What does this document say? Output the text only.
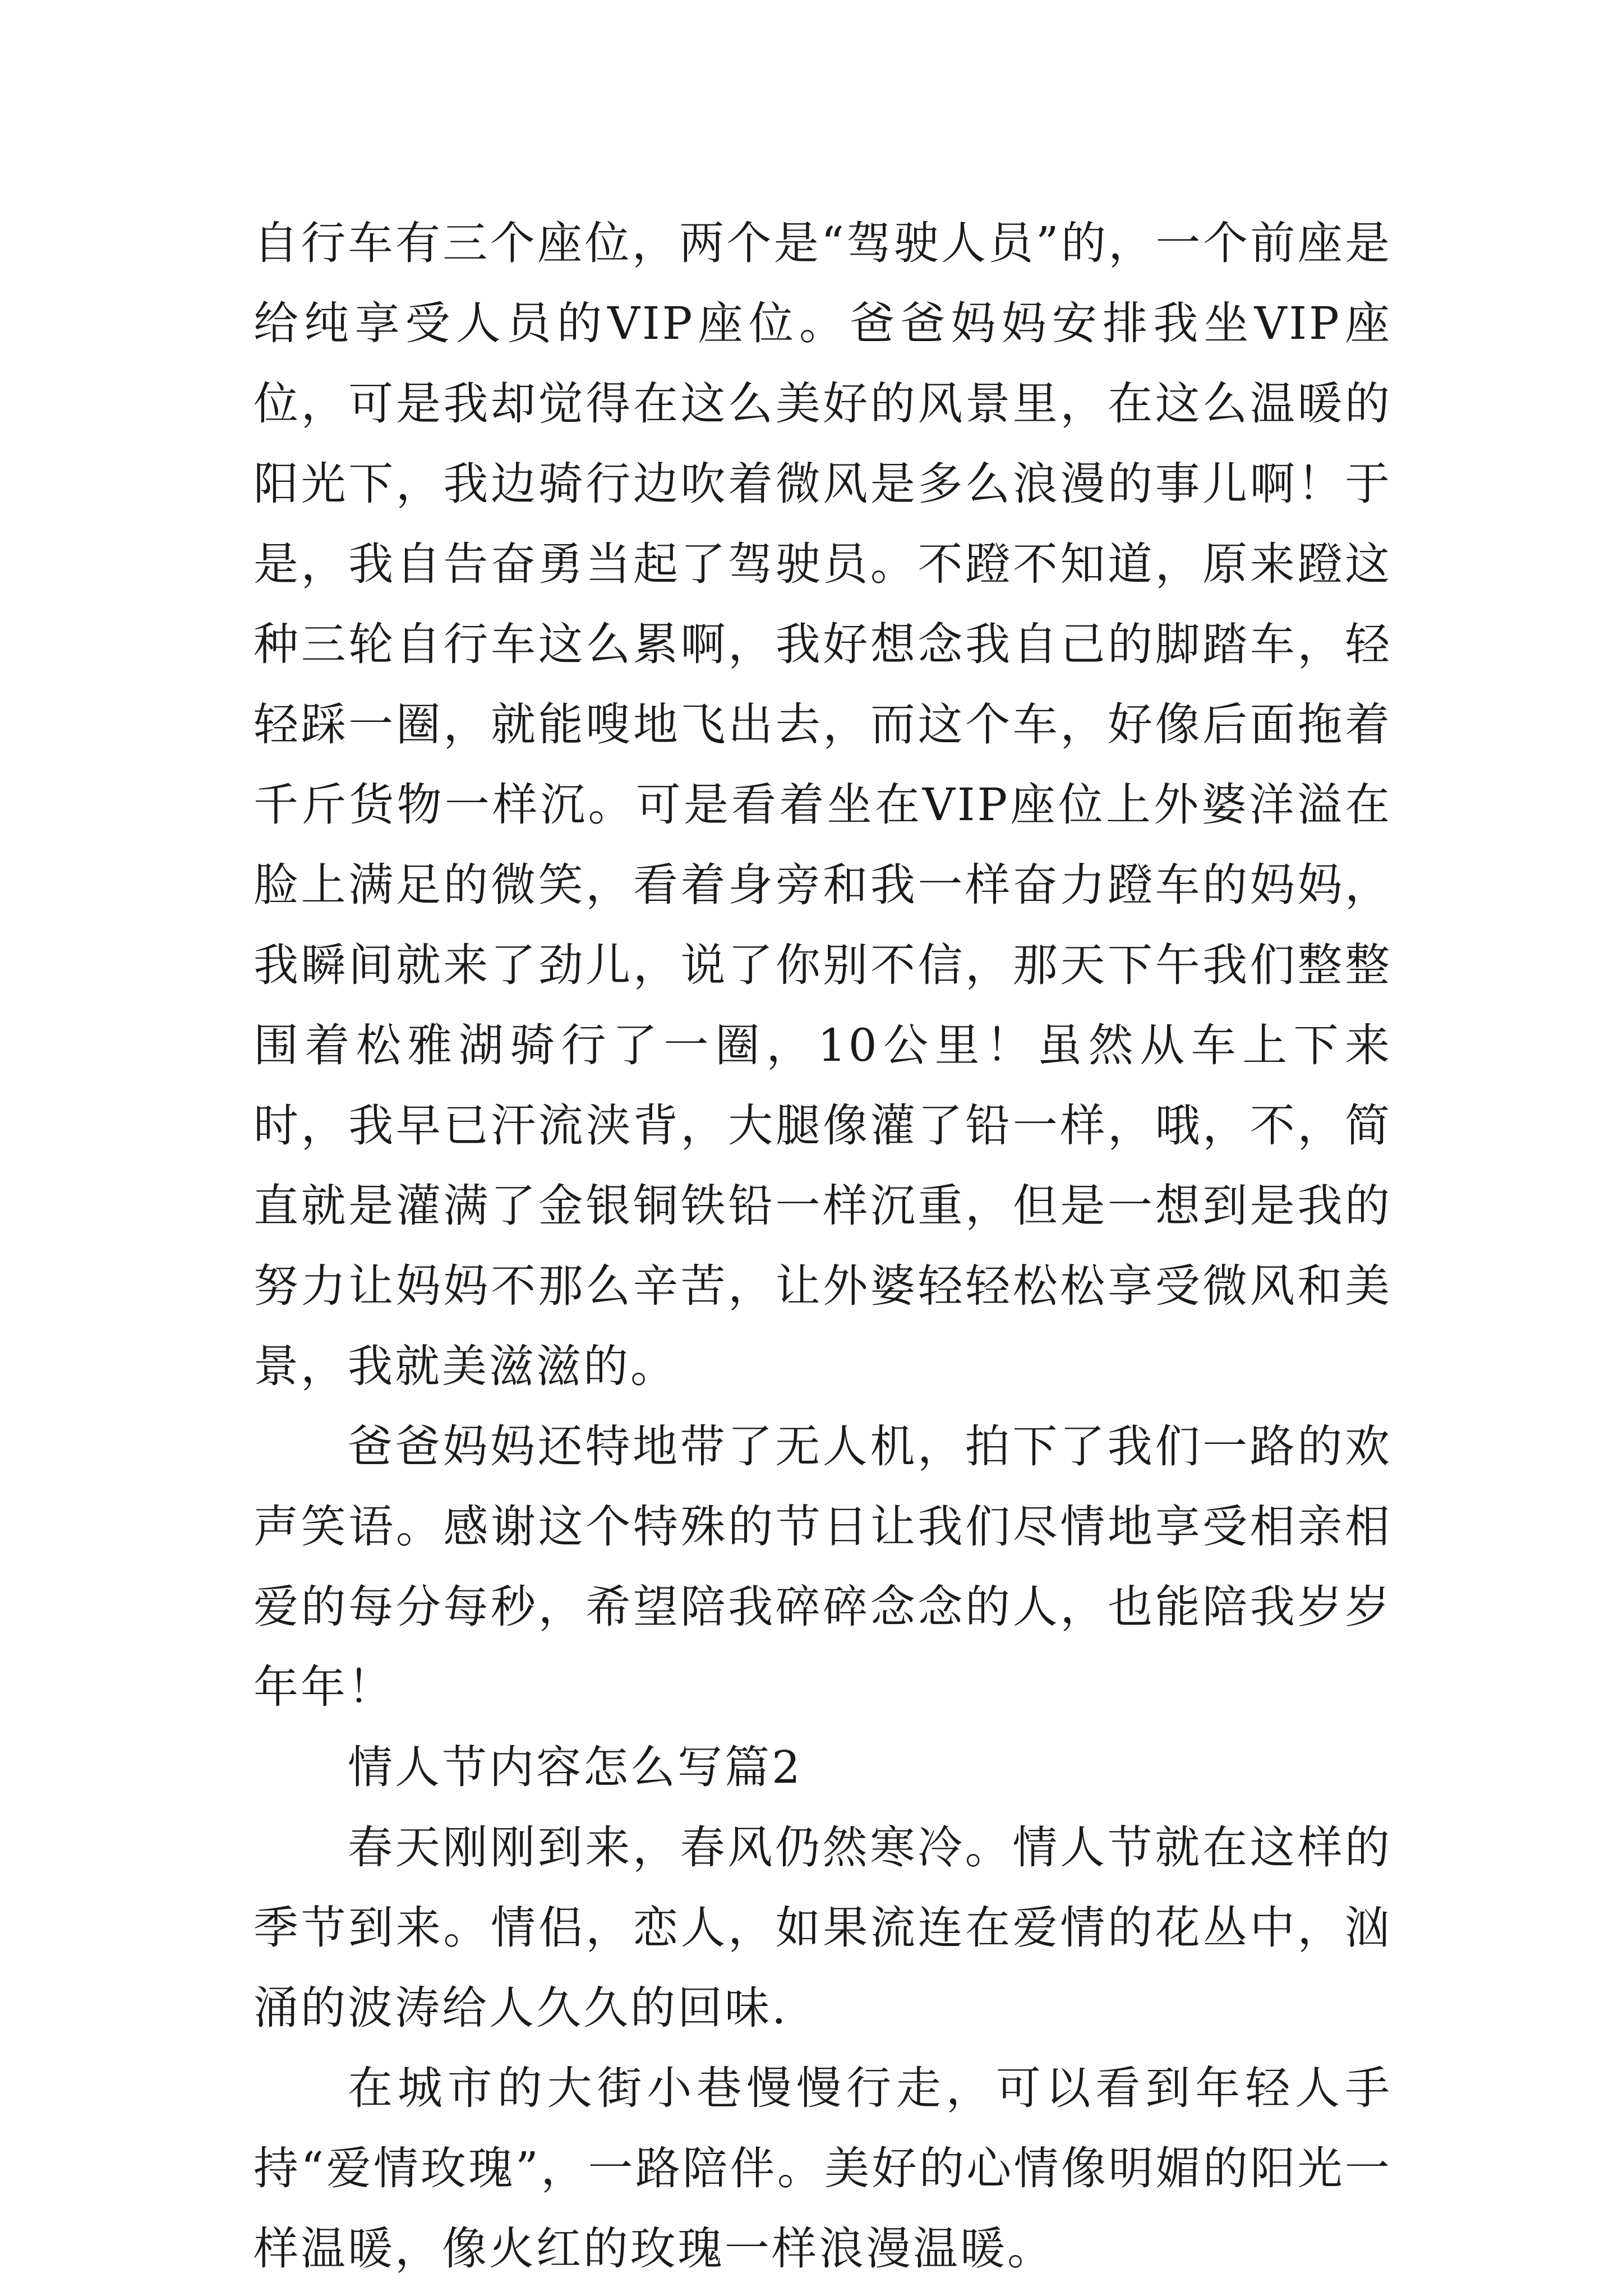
自行车有三个座位，两个是“驾驶人员”的，一个前座是给纯享受人员的VIP座位。爸爸妈妈安排我坐VIP座位，可是我却觉得在这么美好的风景里，在这么温暖的阳光下，我边骑行边吹着微风是多么浪漫的事儿啊！于是，我自告奋勇当起了驾驶员。不蹬不知道，原来蹬这种三轮自行车这么累啊，我好想念我自己的脚踏车，轻轻踩一圈，就能嗖地飞出去，而这个车，好像后面拖着千斤货物一样沉。可是看着坐在VIP座位上外婆洋溢在脸上满足的微笑，看着身旁和我一样奋力蹬车的妈妈，我瞬间就来了劲儿，说了你别不信，那天下午我们整整围着松雅湖骑行了一圈，10公里！虽然从车上下来时，我早已汗流浃背，大腿像灌了铅一样，哦，不，简直就是灌满了金银铜铁铅一样沉重，但是一想到是我的努力让妈妈不那么辛苦，让外婆轻轻松松享受微风和美景，我就美滋滋的。

爸爸妈妈还特地带了无人机，拍下了我们一路的欢声笑语。感谢这个特殊的节日让我们尽情地享受相亲相爱的每分每秒，希望陪我碎碎念念的人，也能陪我岁岁年年！

情人节内容怎么写篇2

春天刚刚到来，春风仍然寒冷。情人节就在这样的季节到来。情侣，恋人，如果流连在爱情的花丛中，汹涌的波涛给人久久的回味.

在城市的大街小巷慢慢行走，可以看到年轻人手持“爱情玫瑰”，一路陪伴。美好的心情像明媚的阳光一样温暖，像火红的玫瑰一样浪漫温暖。
